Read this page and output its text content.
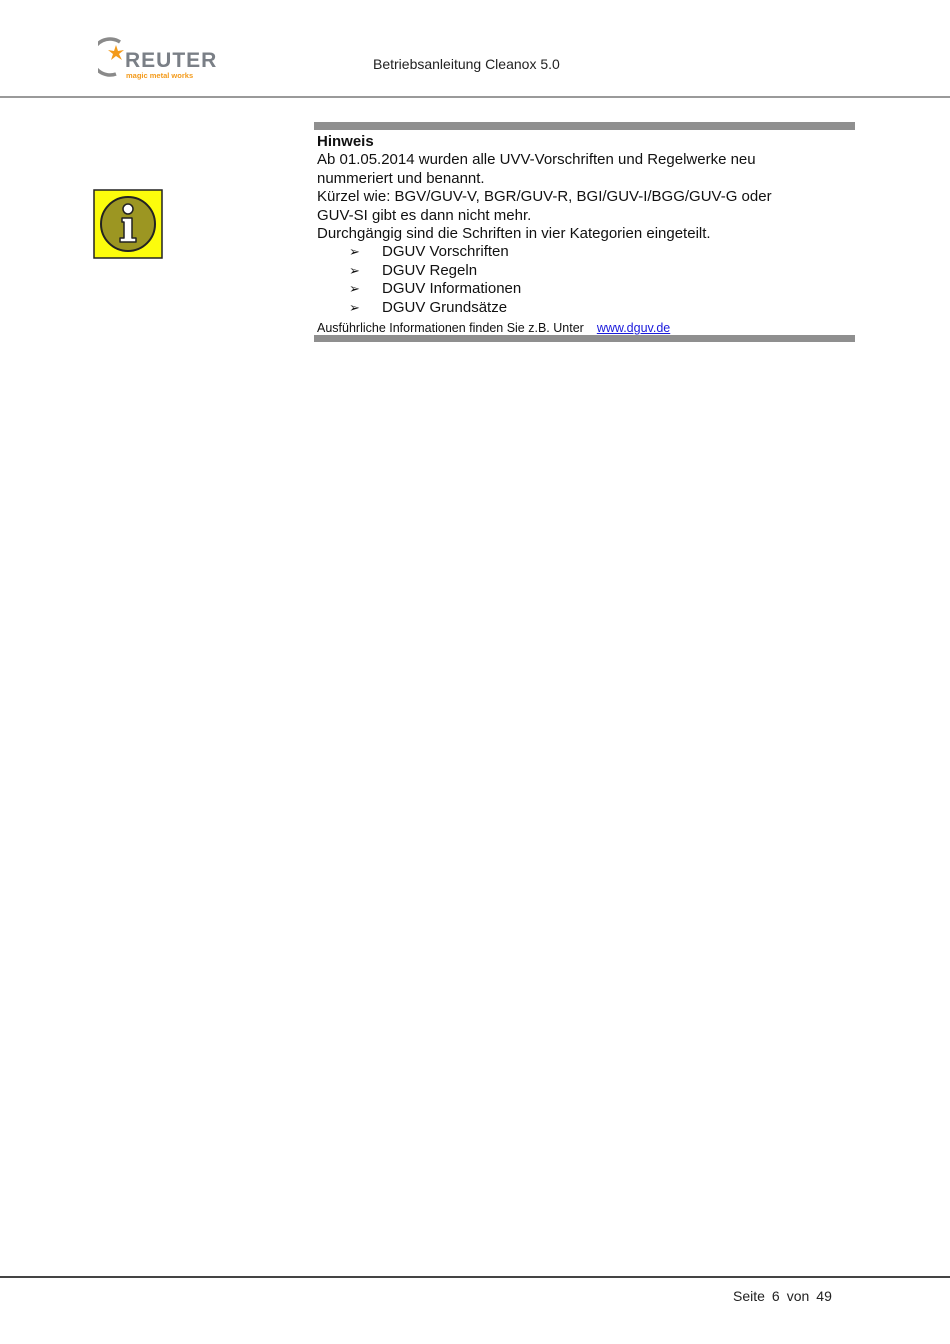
REUTER
magic metal works
Betriebsanleitung Cleanox 5.0

Hinweis

Ab 01.05.2014 wurden alle UVV-Vorschriften und Regelwerke neu

nummeriert und benannt.

Kürzel wie: BGV/GUV-V, BGR/GUV-R, BGI/GUV-I/BGG/GUV-G oder

GUV-SI gibt es dann nicht mehr.

Durchgängig sind die Schriften in vier Kategorien eingeteilt.

➢	DGUV Vorschriften
➢	DGUV Regeln
➢	DGUV Informationen
➢	DGUV Grundsätze
Ausführliche Informationen finden Sie z.B. Unter www.dguv.de
Seite 6 von 49
